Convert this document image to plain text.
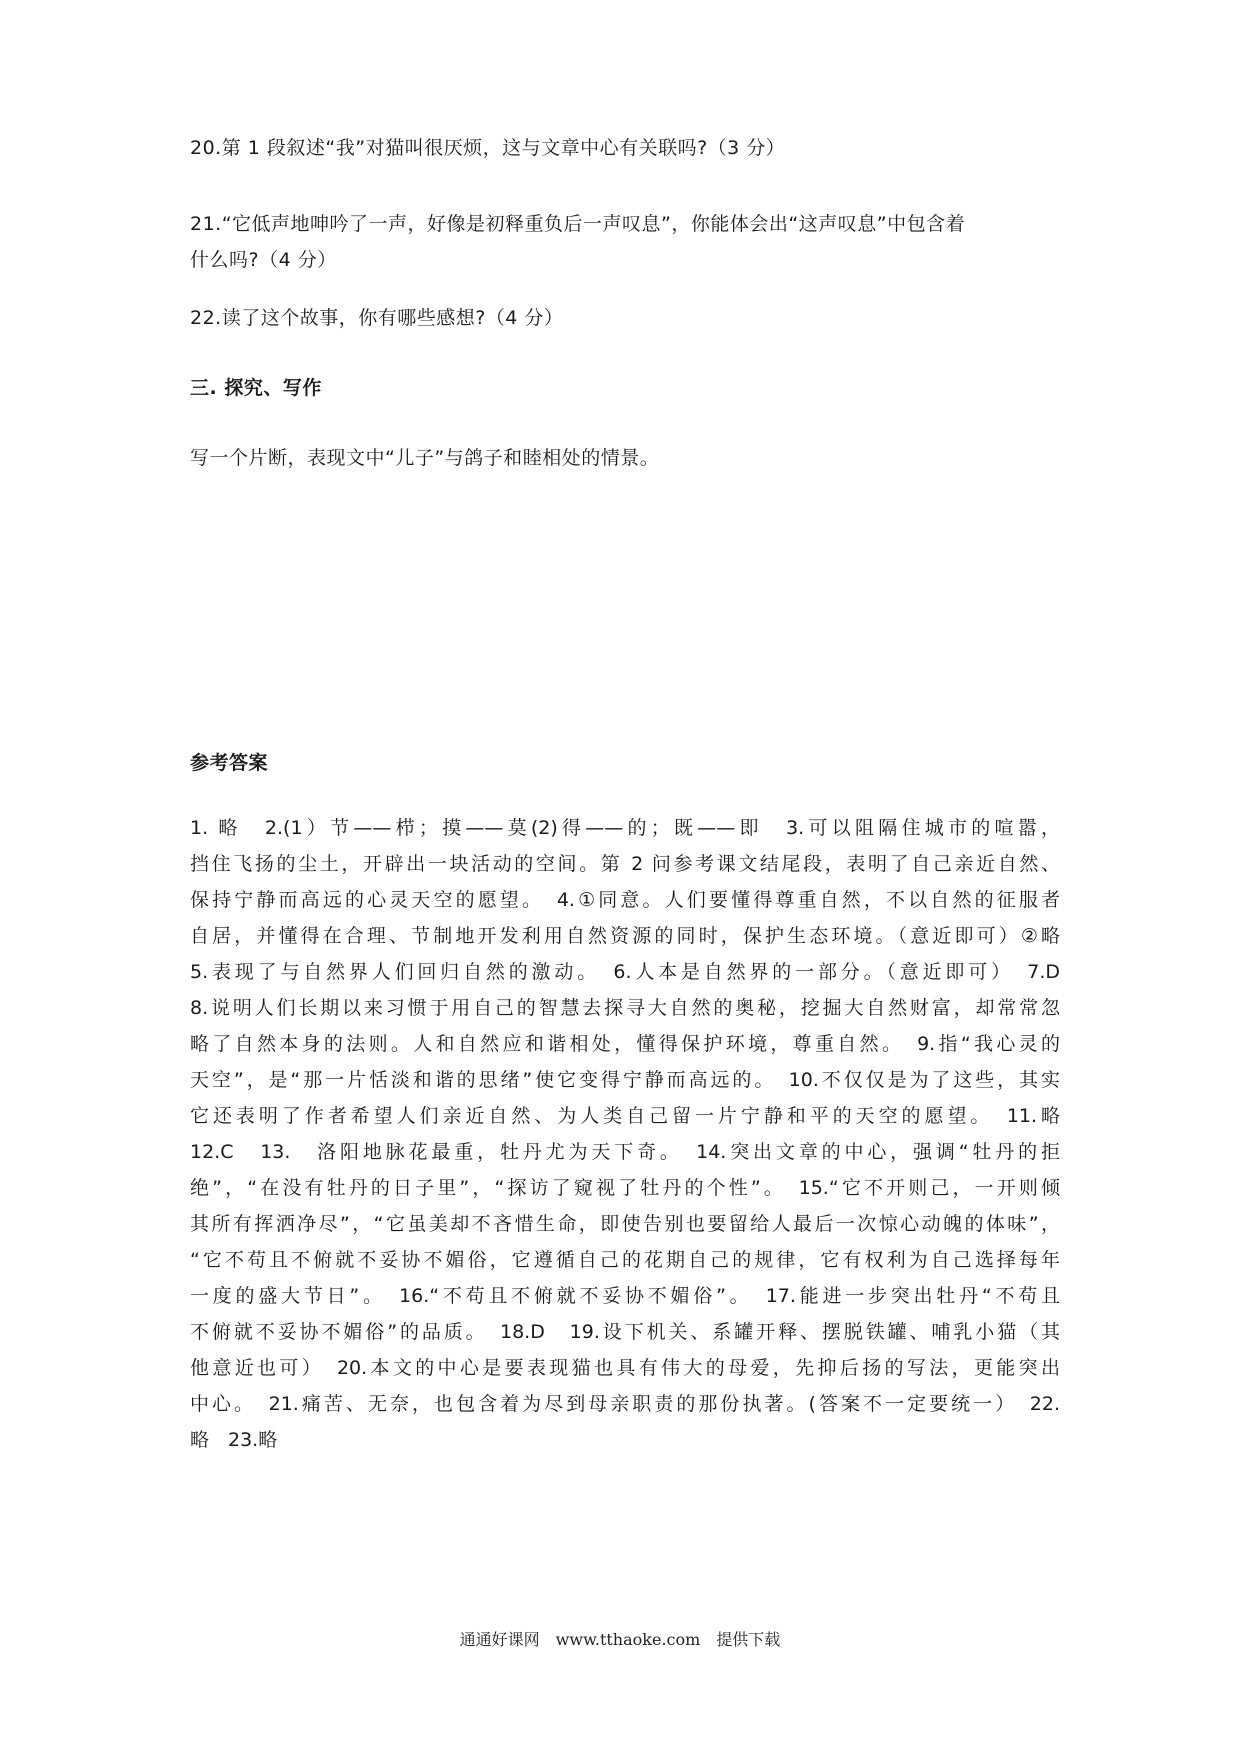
20.第 1 段叙述“我”对猫叫很厌烦，这与文章中心有关联吗?（3 分）

21.“它低声地呻吟了一声，好像是初释重负后一声叹息”，你能体会出“这声叹息”中包含着
什么吗?（4 分）

22.读了这个故事，你有哪些感想?（4 分）

三. 探究、写作

写一个片断，表现文中“儿子”与鸽子和睦相处的情景。

参考答案

1. 略　2.(1）节——栉；摸——莫(2)得——的；既——即　3.可以阻隔住城市的喧嚣，
挡住飞扬的尘土，开辟出一块活动的空间。第 2 问参考课文结尾段，表明了自己亲近自然、
保持宁静而高远的心灵天空的愿望。　4.①同意。人们要懂得尊重自然，不以自然的征服者
自居，并懂得在合理、节制地开发利用自然资源的同时，保护生态环境。（意近即可）②略
5.表现了与自然界人们回归自然的激动。　6.人本是自然界的一部分。（意近即可）　7.D
8.说明人们长期以来习惯于用自己的智慧去探寻大自然的奥秘，挖掘大自然财富，却常常忽
略了自然本身的法则。人和自然应和谐相处，懂得保护环境，尊重自然。　9.指“我心灵的
天空”，是“那一片恬淡和谐的思绪”使它变得宁静而高远的。　10.不仅仅是为了这些，其实
它还表明了作者希望人们亲近自然、为人类自己留一片宁静和平的天空的愿望。　11.略
12.C　13.　洛阳地脉花最重，牡丹尤为天下奇。　14.突出文章的中心，强调“牡丹的拒
绝”，“在没有牡丹的日子里”，“探访了窥视了牡丹的个性”。　15.“它不开则己，一开则倾
其所有挥洒净尽”，“它虽美却不吝惜生命，即使告别也要留给人最后一次惊心动魄的体味”，
“它不苟且不俯就不妥协不媚俗，它遵循自己的花期自己的规律，它有权利为自己选择每年
一度的盛大节日”。　16.“不苟且不俯就不妥协不媚俗”。　17.能进一步突出牡丹“不苟且
不俯就不妥协不媚俗”的品质。　18.D　19.设下机关、系罐开释、摆脱铁罐、哺乳小猫（其
他意近也可）　20.本文的中心是要表现猫也具有伟大的母爱，先抑后扬的写法，更能突出
中心。　21.痛苦、无奈，也包含着为尽到母亲职责的那份执著。(答案不一定要统一）　22.
略　23.略
通通好课网　www.tthaoke.com　提供下载
